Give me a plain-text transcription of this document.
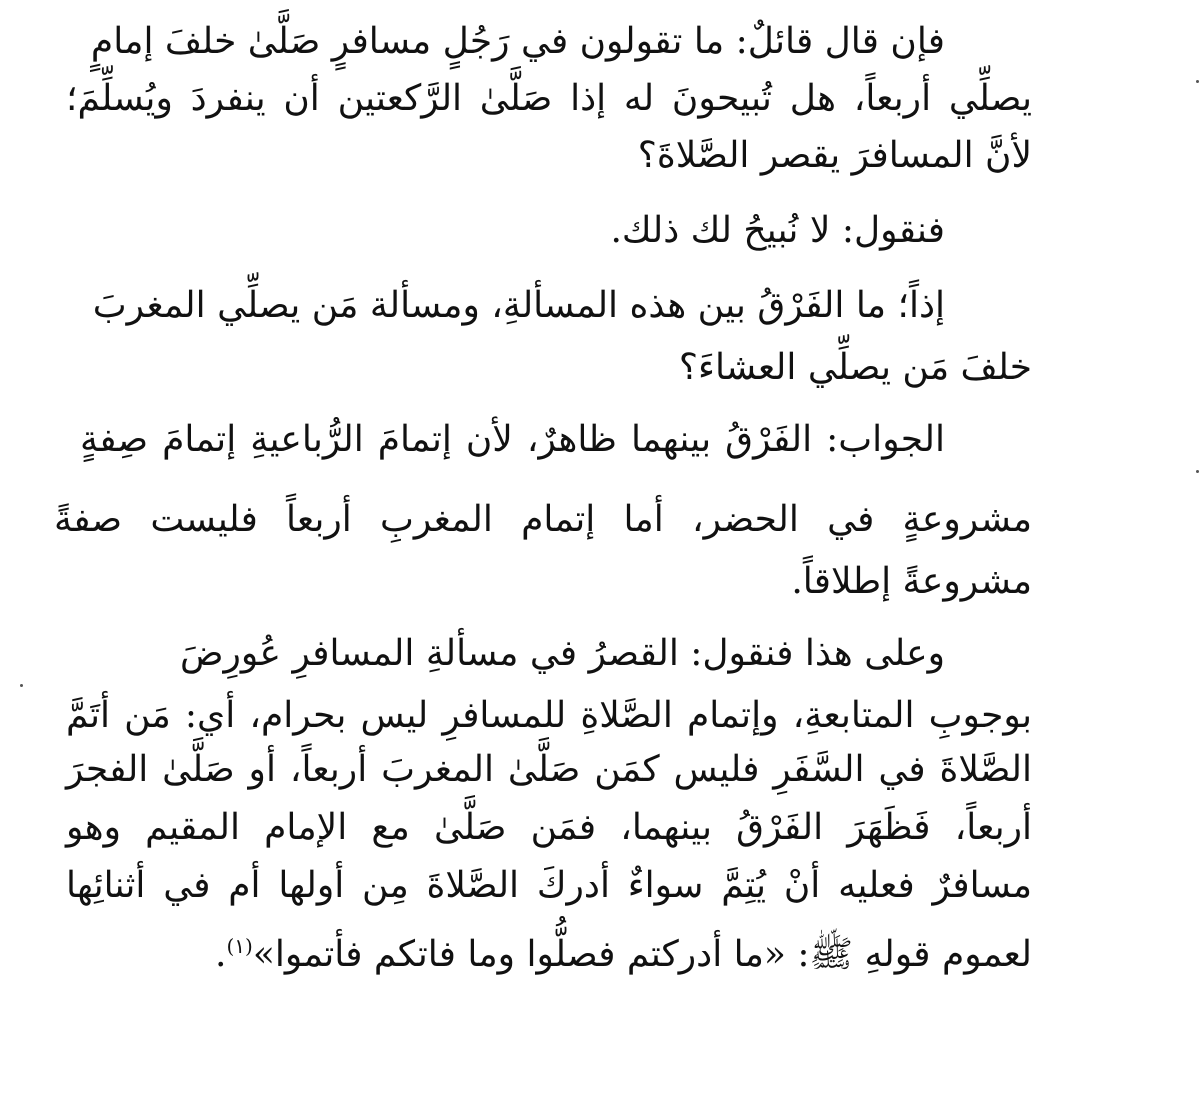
فإن قال قائلٌ: ما تقولون في رَجُلٍ مسافرٍ صَلَّىٰ خلفَ إمامٍ

يصلِّي أربعاً، هل تُبيحونَ له إذا صَلَّىٰ الرَّكعتين أن ينفردَ ويُسلِّمَ؛

لأنَّ المسافرَ يقصر الصَّلاةَ؟

فنقول: لا نُبيحُ لك ذلك.

إذاً؛ ما الفَرْقُ بين هذه المسألةِ، ومسألة مَن يصلِّي المغربَ

خلفَ مَن يصلِّي العشاءَ؟

الجواب: الفَرْقُ بينهما ظاهرٌ، لأن إتمامَ الرُّباعيةِ إتمامَ صِفةٍ

مشروعةٍ في الحضر، أما إتمام المغربِ أربعاً فليست صفةً

مشروعةً إطلاقاً.

وعلى هذا فنقول: القصرُ في مسألةِ المسافرِ عُورِضَ

بوجوبِ المتابعةِ، وإتمام الصَّلاةِ للمسافرِ ليس بحرام، أي: مَن أتَمَّ

الصَّلاةَ في السَّفَرِ فليس كمَن صَلَّىٰ المغربَ أربعاً، أو صَلَّىٰ الفجرَ

أربعاً، فَظَهَرَ الفَرْقُ بينهما، فمَن صَلَّىٰ مع الإمام المقيم وهو

مسافرٌ فعليه أنْ يُتِمَّ سواءٌ أدركَ الصَّلاةَ مِن أولها أم في أثنائِها

لعموم قولهِ ﷺ: «ما أدركتم فصلُّوا وما فاتكم فأتموا»$^{(١)}$.
